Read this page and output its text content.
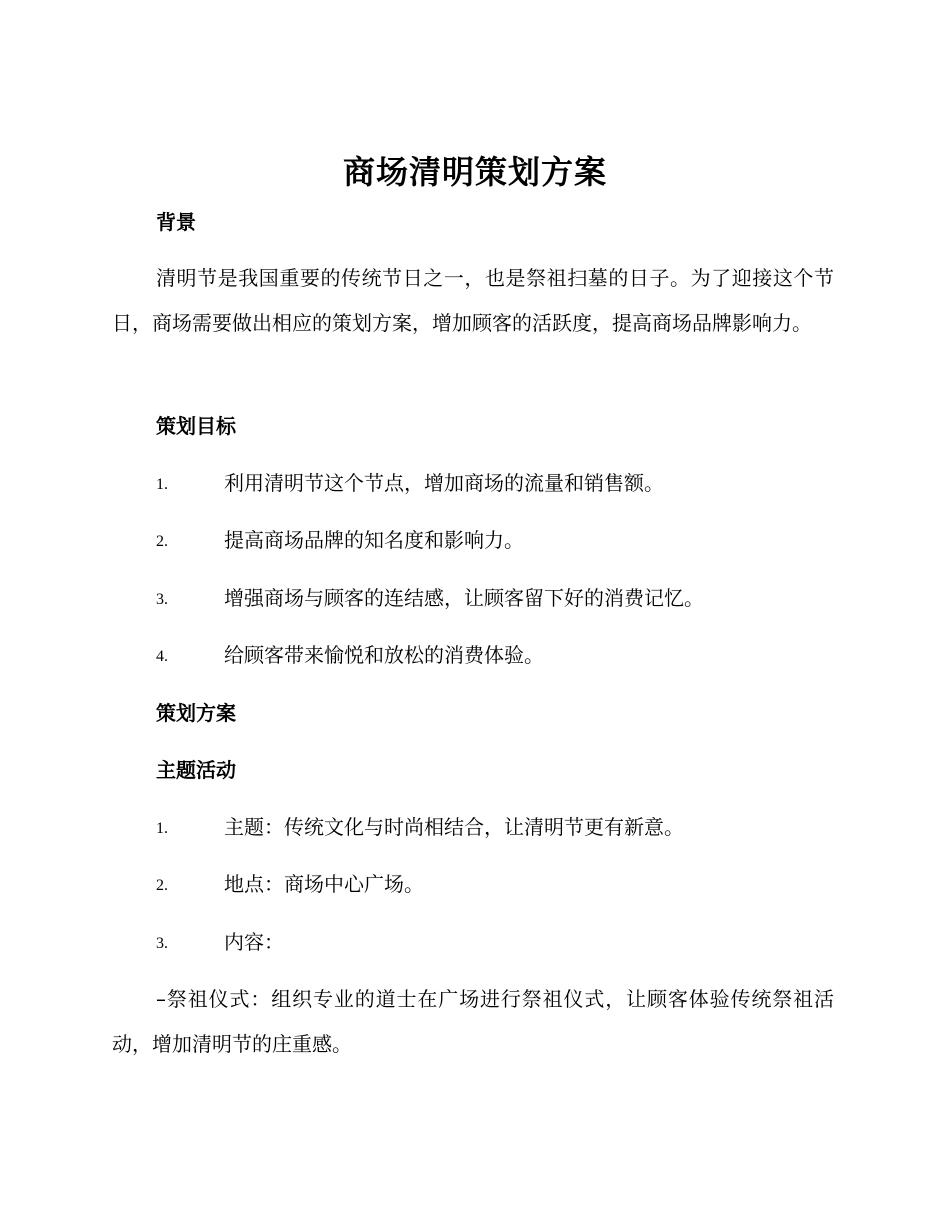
商场清明策划方案
背景
清明节是我国重要的传统节日之一，也是祭祖扫墓的日子。为了迎接这个节日，商场需要做出相应的策划方案，增加顾客的活跃度，提高商场品牌影响力。
策划目标
1.	利用清明节这个节点，增加商场的流量和销售额。
2.	提高商场品牌的知名度和影响力。
3.	增强商场与顾客的连结感，让顾客留下好的消费记忆。
4.	给顾客带来愉悦和放松的消费体验。
策划方案
主题活动
1.	主题：传统文化与时尚相结合，让清明节更有新意。
2.	地点：商场中心广场。
3.	内容：
–祭祖仪式：组织专业的道士在广场进行祭祖仪式，让顾客体验传统祭祖活动，增加清明节的庄重感。
